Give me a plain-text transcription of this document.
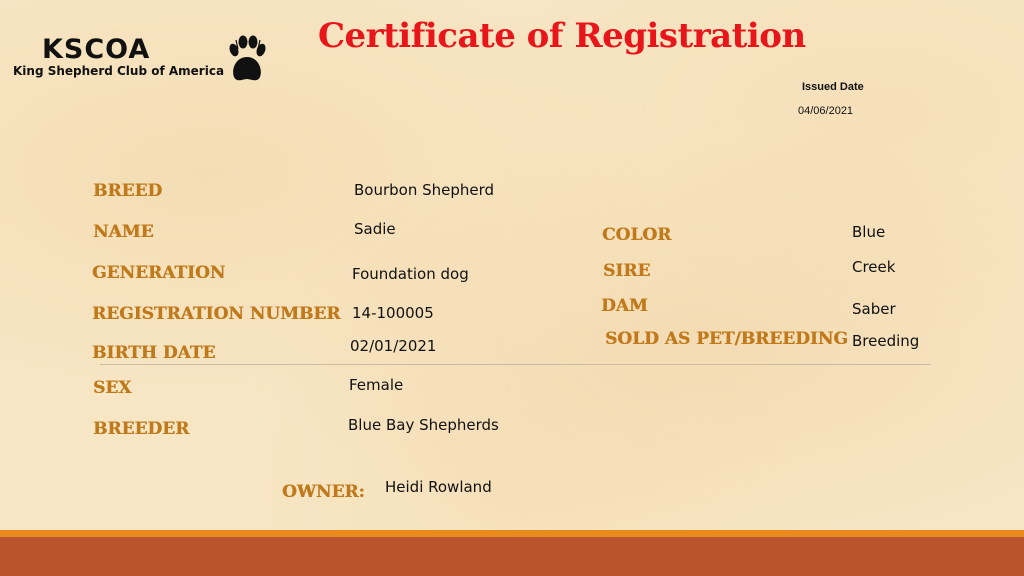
KSCOA
King Shepherd Club of America
Certificate of Registration
Issued Date
04/06/2021
BREED	Bourbon Shepherd
NAME	Sadie
GENERATION	Foundation dog
REGISTRATION NUMBER 14-100005
BIRTH DATE	02/01/2021
SEX	Female
BREEDER	Blue Bay Shepherds
COLOR	Blue
SIRE	Creek
DAM	Saber
SOLD AS PET/BREEDING Breeding
OWNER: Heidi Rowland
